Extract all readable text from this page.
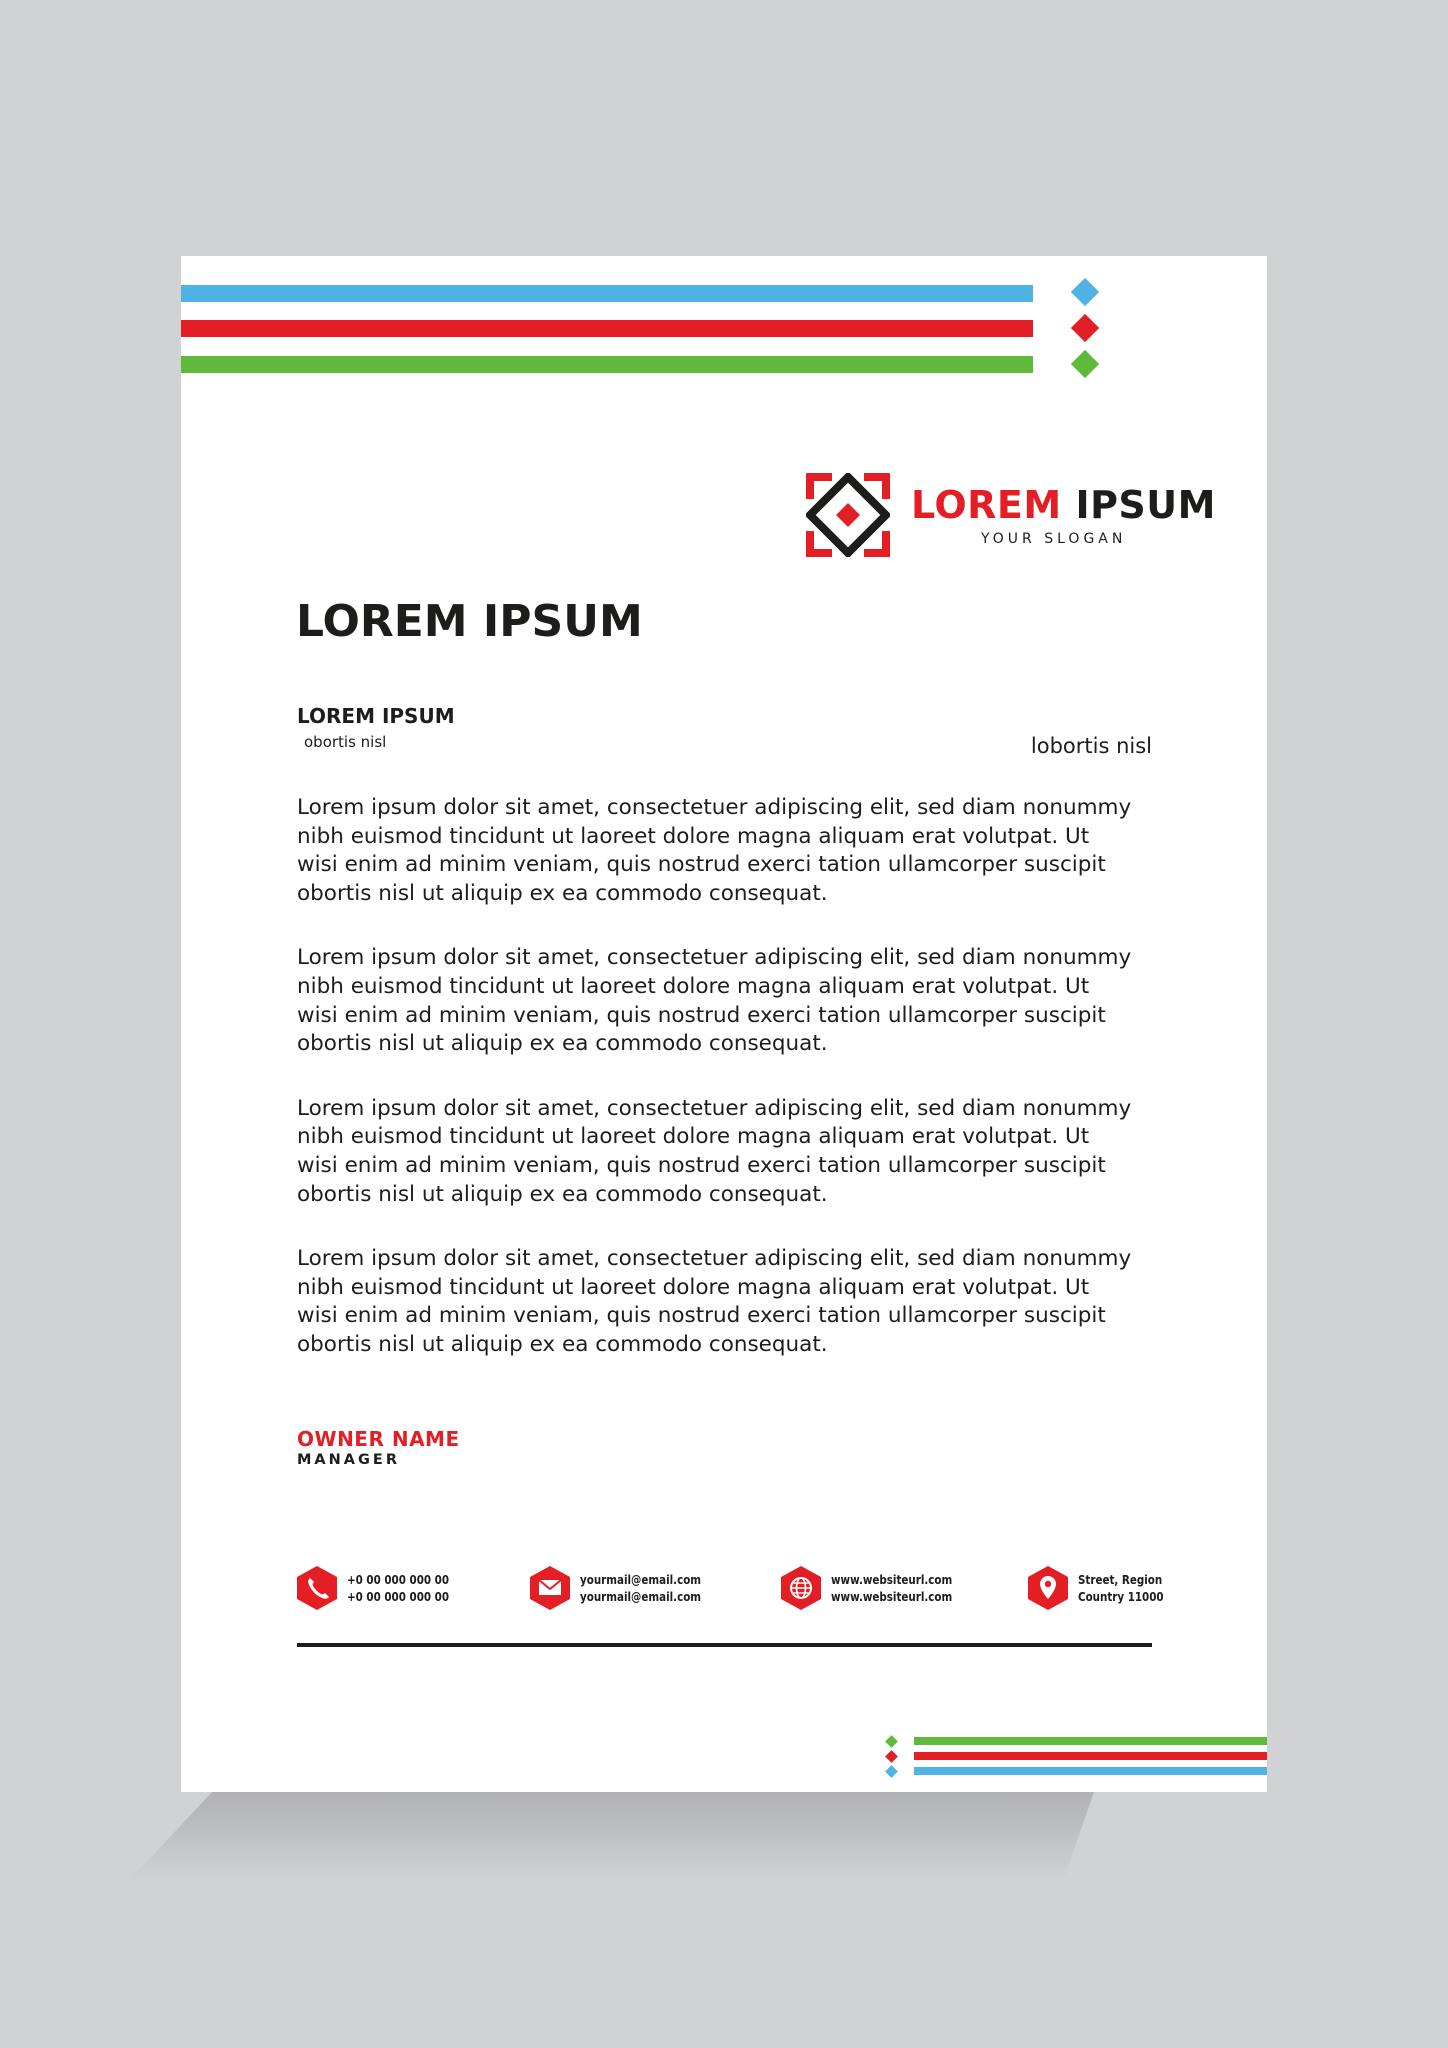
LOREM IPSUM
YOUR SLOGAN
LOREM IPSUM
LOREM IPSUM
obortis nisl	lobortis nisl

Lorem ipsum dolor sit amet, consectetuer adipiscing elit, sed diam nonummy
nibh euismod tincidunt ut laoreet dolore magna aliquam erat volutpat. Ut
wisi enim ad minim veniam, quis nostrud exerci tation ullamcorper suscipit
obortis nisl ut aliquip ex ea commodo consequat.

Lorem ipsum dolor sit amet, consectetuer adipiscing elit, sed diam nonummy
nibh euismod tincidunt ut laoreet dolore magna aliquam erat volutpat. Ut
wisi enim ad minim veniam, quis nostrud exerci tation ullamcorper suscipit
obortis nisl ut aliquip ex ea commodo consequat.

Lorem ipsum dolor sit amet, consectetuer adipiscing elit, sed diam nonummy
nibh euismod tincidunt ut laoreet dolore magna aliquam erat volutpat. Ut
wisi enim ad minim veniam, quis nostrud exerci tation ullamcorper suscipit
obortis nisl ut aliquip ex ea commodo consequat.

Lorem ipsum dolor sit amet, consectetuer adipiscing elit, sed diam nonummy
nibh euismod tincidunt ut laoreet dolore magna aliquam erat volutpat. Ut
wisi enim ad minim veniam, quis nostrud exerci tation ullamcorper suscipit
obortis nisl ut aliquip ex ea commodo consequat.

OWNER NAME
MANAGER
+0 00 000 000 00
+0 00 000 000 00
yourmail@email.com
yourmail@email.com
www.websiteurl.com
www.websiteurl.com
Street, Region
Country 11000
